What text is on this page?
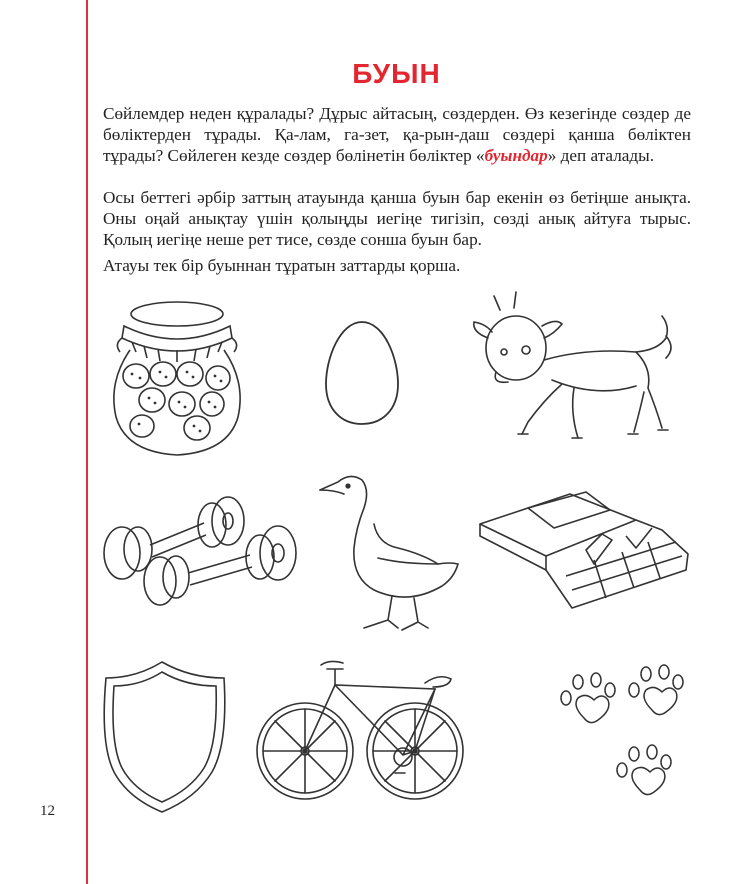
12
БУЫН
Сөйлемдер неден құралады? Дұрыс айтасың, сөздерден. Өз кезегінде сөздер де бөліктерден тұрады. Қа-лам, га-зет, қа-рын-даш сөздері қанша бөліктен тұрады? Сөйлеген кезде сөздер бөлінетін бөліктер «буындар» деп аталады.
Осы беттегі әрбір заттың атауында қанша буын бар екенін өз бетіңше анықта. Оны оңай анықтау үшін қолыңды иегіңе тигізіп, сөзді анық айтуға тырыс. Қолың иегіңе неше рет тисе, сөзде сонша буын бар.
Атауы тек бір буыннан тұратын заттарды қорша.
